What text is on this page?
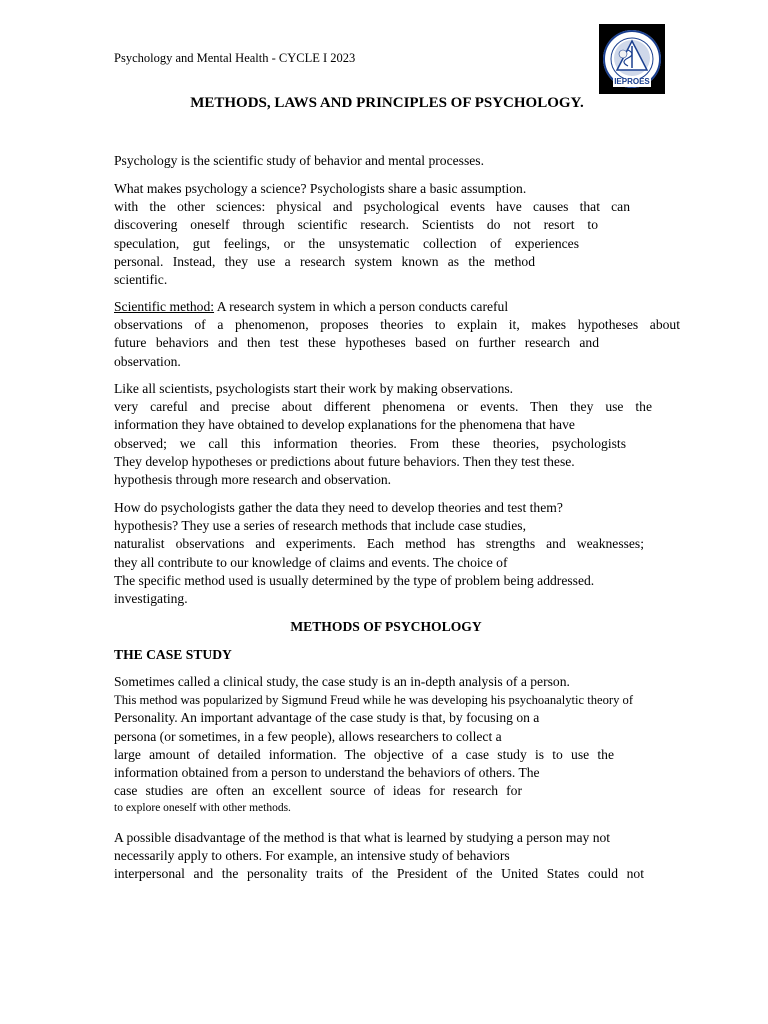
Psychology and Mental Health - CYCLE I 2023
IEPROES
METHODS, LAWS AND PRINCIPLES OF PSYCHOLOGY.

Psychology is the scientific study of behavior and mental processes.

What makes psychology a science? Psychologists share a basic assumption.
with the other sciences: physical and psychological events have causes that can
discovering oneself through scientific research. Scientists do not resort to
speculation, gut feelings, or the unsystematic collection of experiences
personal. Instead, they use a research system known as the method
scientific.

Scientific method: A research system in which a person conducts careful
observations of a phenomenon, proposes theories to explain it, makes hypotheses about
future behaviors and then test these hypotheses based on further research and
observation.

Like all scientists, psychologists start their work by making observations.
very careful and precise about different phenomena or events. Then they use the
information they have obtained to develop explanations for the phenomena that have
observed; we call this information theories. From these theories, psychologists
They develop hypotheses or predictions about future behaviors. Then they test these.
hypothesis through more research and observation.

How do psychologists gather the data they need to develop theories and test them?
hypothesis? They use a series of research methods that include case studies,
naturalist observations and experiments. Each method has strengths and weaknesses;
they all contribute to our knowledge of claims and events. The choice of
The specific method used is usually determined by the type of problem being addressed.
investigating.

METHODS OF PSYCHOLOGY
THE CASE STUDY

Sometimes called a clinical study, the case study is an in-depth analysis of a person.
This method was popularized by Sigmund Freud while he was developing his psychoanalytic theory of
Personality. An important advantage of the case study is that, by focusing on a
persona (or sometimes, in a few people), allows researchers to collect a
large amount of detailed information. The objective of a case study is to use the
information obtained from a person to understand the behaviors of others. The
case studies are often an excellent source of ideas for research for
to explore oneself with other methods.

A possible disadvantage of the method is that what is learned by studying a person may not
necessarily apply to others. For example, an intensive study of behaviors
interpersonal and the personality traits of the President of the United States could not
